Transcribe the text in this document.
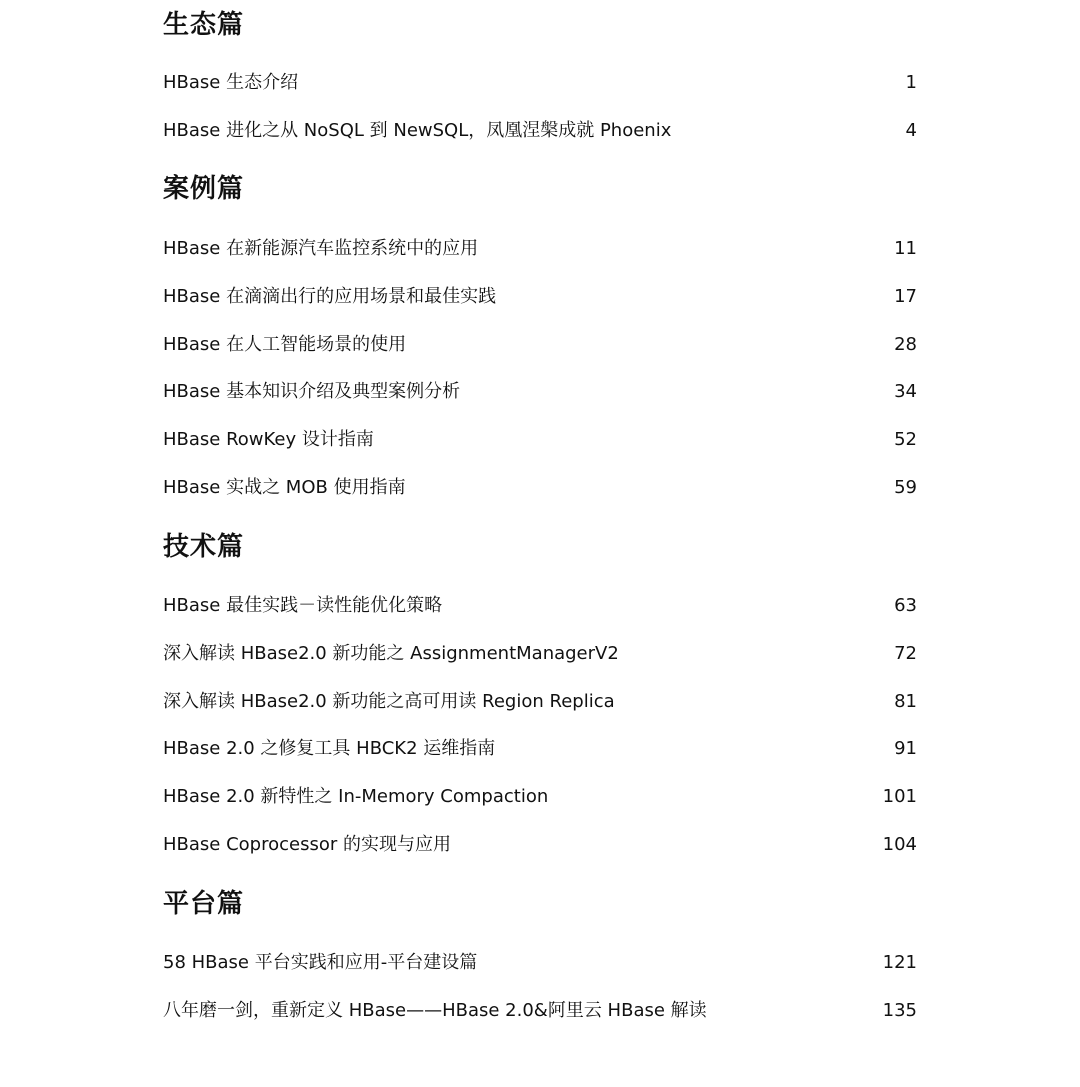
生态篇
HBase 生态介绍	1
HBase 进化之从 NoSQL 到 NewSQL，凤凰涅槃成就 Phoenix	4
案例篇
HBase 在新能源汽车监控系统中的应用	11
HBase 在滴滴出行的应用场景和最佳实践	17
HBase 在人工智能场景的使用	28
HBase 基本知识介绍及典型案例分析	34
HBase RowKey 设计指南	52
HBase 实战之 MOB 使用指南	59
技术篇
HBase 最佳实践－读性能优化策略	63
深入解读 HBase2.0 新功能之 AssignmentManagerV2	72
深入解读 HBase2.0 新功能之高可用读 Region Replica	81
HBase 2.0 之修复工具 HBCK2 运维指南	91
HBase 2.0 新特性之 In-Memory Compaction	101
HBase Coprocessor 的实现与应用	104
平台篇
58 HBase 平台实践和应用-平台建设篇	121
八年磨一剑，重新定义 HBase——HBase 2.0&阿里云 HBase 解读	135
